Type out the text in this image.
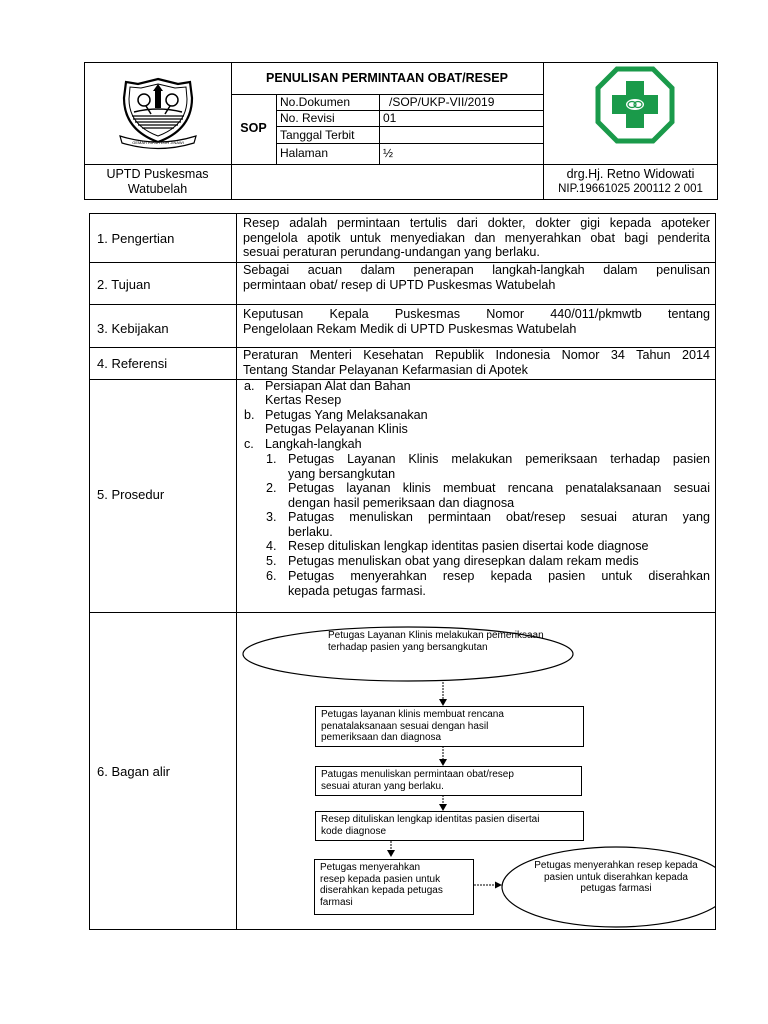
GEMAH RIPAH LOH JINAWI
PENULISAN PERMINTAAN OBAT/RESEP
SOP
No.Dokumen	/SOP/UKP-VII/2019
No. Revisi	01
Tanggal Terbit
Halaman	½
UPTD Puskesmas
Watubelah
drg.Hj. Retno Widowati
NIP.19661025 200112 2 001
1. Pengertian
Resep adalah permintaan tertulis dari dokter, dokter gigi kepada apoteker
pengelola apotik untuk menyediakan dan menyerahkan obat bagi penderita
sesuai peraturan perundang-undangan yang berlaku.
2. Tujuan
Sebagai acuan dalam penerapan langkah-langkah dalam penulisan
permintaan obat/ resep di UPTD Puskesmas Watubelah
3. Kebijakan
Keputusan Kepala Puskesmas Nomor 440/011/pkmwtb tentang
Pengelolaan Rekam Medik di UPTD Puskesmas Watubelah
4. Referensi
Peraturan Menteri Kesehatan Republik Indonesia Nomor 34 Tahun 2014
Tentang Standar Pelayanan Kefarmasian di Apotek
5. Prosedur
a. Persiapan Alat dan Bahan
Kertas Resep
b. Petugas Yang Melaksanakan
Petugas Pelayanan Klinis
c. Langkah-langkah
1. Petugas Layanan Klinis melakukan pemeriksaan terhadap pasien
yang bersangkutan
2. Petugas layanan klinis membuat rencana penatalaksanaan sesuai
dengan hasil pemeriksaan dan diagnosa
3. Patugas menuliskan permintaan obat/resep sesuai aturan yang
berlaku.
4. Resep dituliskan lengkap identitas pasien disertai kode diagnose
5. Petugas menuliskan obat yang diresepkan dalam rekam medis
6. Petugas menyerahkan resep kepada pasien untuk diserahkan
kepada petugas farmasi.
6. Bagan alir
Petugas Layanan Klinis melakukan pemeriksaan
terhadap pasien yang bersangkutan
Petugas layanan klinis membuat rencana
penatalaksanaan sesuai dengan hasil
pemeriksaan dan diagnosa
Patugas menuliskan permintaan obat/resep
sesuai aturan yang berlaku.
Resep dituliskan lengkap identitas pasien disertai
kode diagnose
Petugas menyerahkan
resep kepada pasien untuk
diserahkan kepada petugas
farmasi
Petugas menyerahkan resep kepada
pasien untuk diserahkan kepada
petugas farmasi
